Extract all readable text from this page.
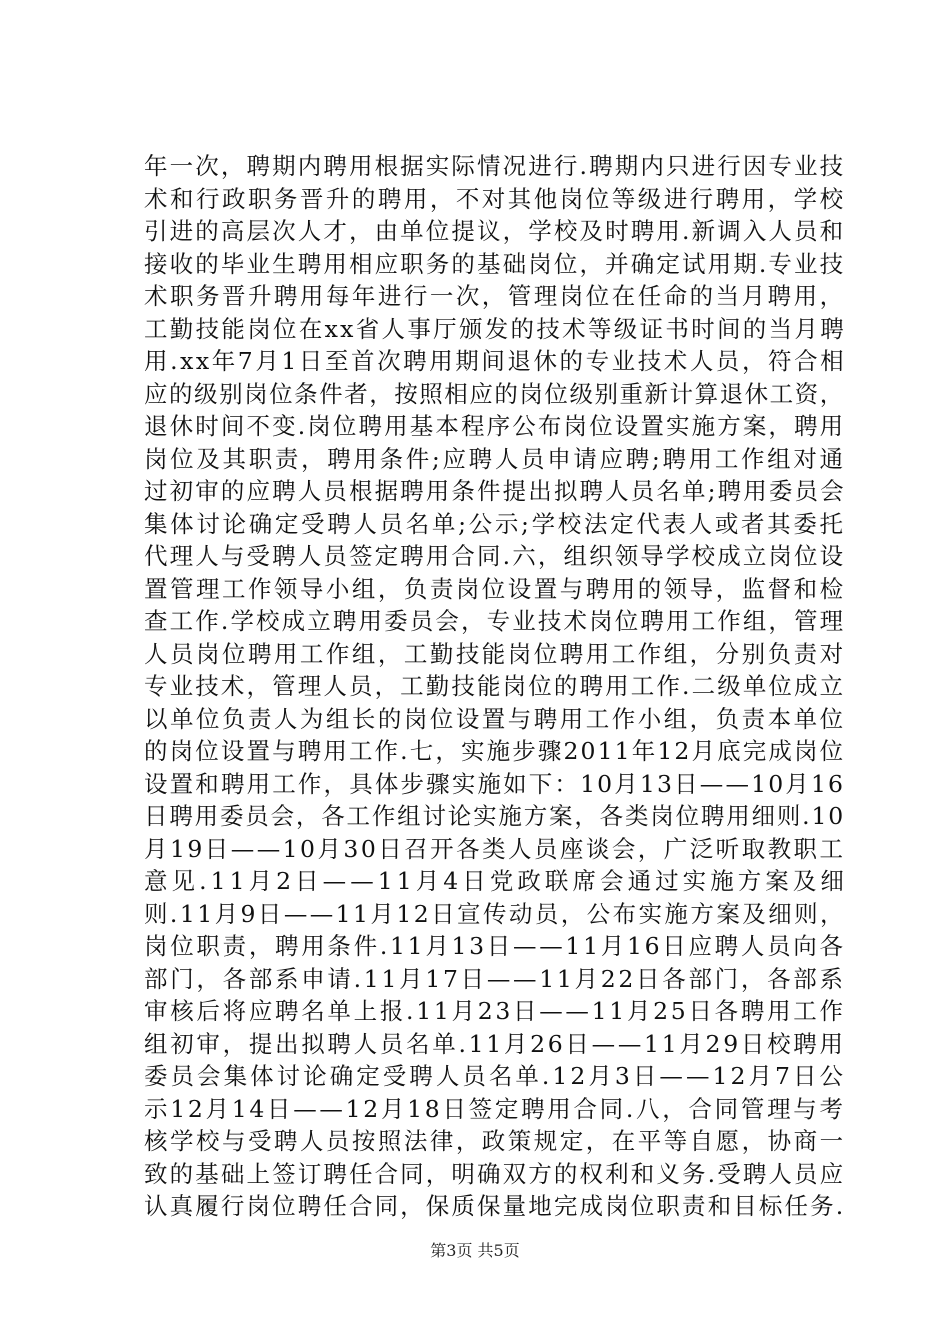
年一次，聘期内聘用根据实际情况进行.聘期内只进行因专业技
术和行政职务晋升的聘用，不对其他岗位等级进行聘用，学校
引进的高层次人才，由单位提议，学校及时聘用.新调入人员和
接收的毕业生聘用相应职务的基础岗位，并确定试用期.专业技
术职务晋升聘用每年进行一次，管理岗位在任命的当月聘用，
工勤技能岗位在xx省人事厅颁发的技术等级证书时间的当月聘
用.xx年7月1日至首次聘用期间退休的专业技术人员，符合相
应的级别岗位条件者，按照相应的岗位级别重新计算退休工资，
退休时间不变.岗位聘用基本程序公布岗位设置实施方案，聘用
岗位及其职责，聘用条件;应聘人员申请应聘;聘用工作组对通
过初审的应聘人员根据聘用条件提出拟聘人员名单;聘用委员会
集体讨论确定受聘人员名单;公示;学校法定代表人或者其委托
代理人与受聘人员签定聘用合同.六，组织领导学校成立岗位设
置管理工作领导小组，负责岗位设置与聘用的领导，监督和检
查工作.学校成立聘用委员会，专业技术岗位聘用工作组，管理
人员岗位聘用工作组，工勤技能岗位聘用工作组，分别负责对
专业技术，管理人员，工勤技能岗位的聘用工作.二级单位成立
以单位负责人为组长的岗位设置与聘用工作小组，负责本单位
的岗位设置与聘用工作.七，实施步骤2011年12月底完成岗位
设置和聘用工作，具体步骤实施如下：10月13日——10月16
日聘用委员会，各工作组讨论实施方案，各类岗位聘用细则.10
月19日——10月30日召开各类人员座谈会，广泛听取教职工
意见.11月2日——11月4日党政联席会通过实施方案及细
则.11月9日——11月12日宣传动员，公布实施方案及细则，
岗位职责，聘用条件.11月13日——11月16日应聘人员向各
部门，各部系申请.11月17日——11月22日各部门，各部系
审核后将应聘名单上报.11月23日——11月25日各聘用工作
组初审，提出拟聘人员名单.11月26日——11月29日校聘用
委员会集体讨论确定受聘人员名单.12月3日——12月7日公
示12月14日——12月18日签定聘用合同.八，合同管理与考
核学校与受聘人员按照法律，政策规定，在平等自愿，协商一
致的基础上签订聘任合同，明确双方的权利和义务.受聘人员应
认真履行岗位聘任合同，保质保量地完成岗位职责和目标任务.
第3页 共5页
